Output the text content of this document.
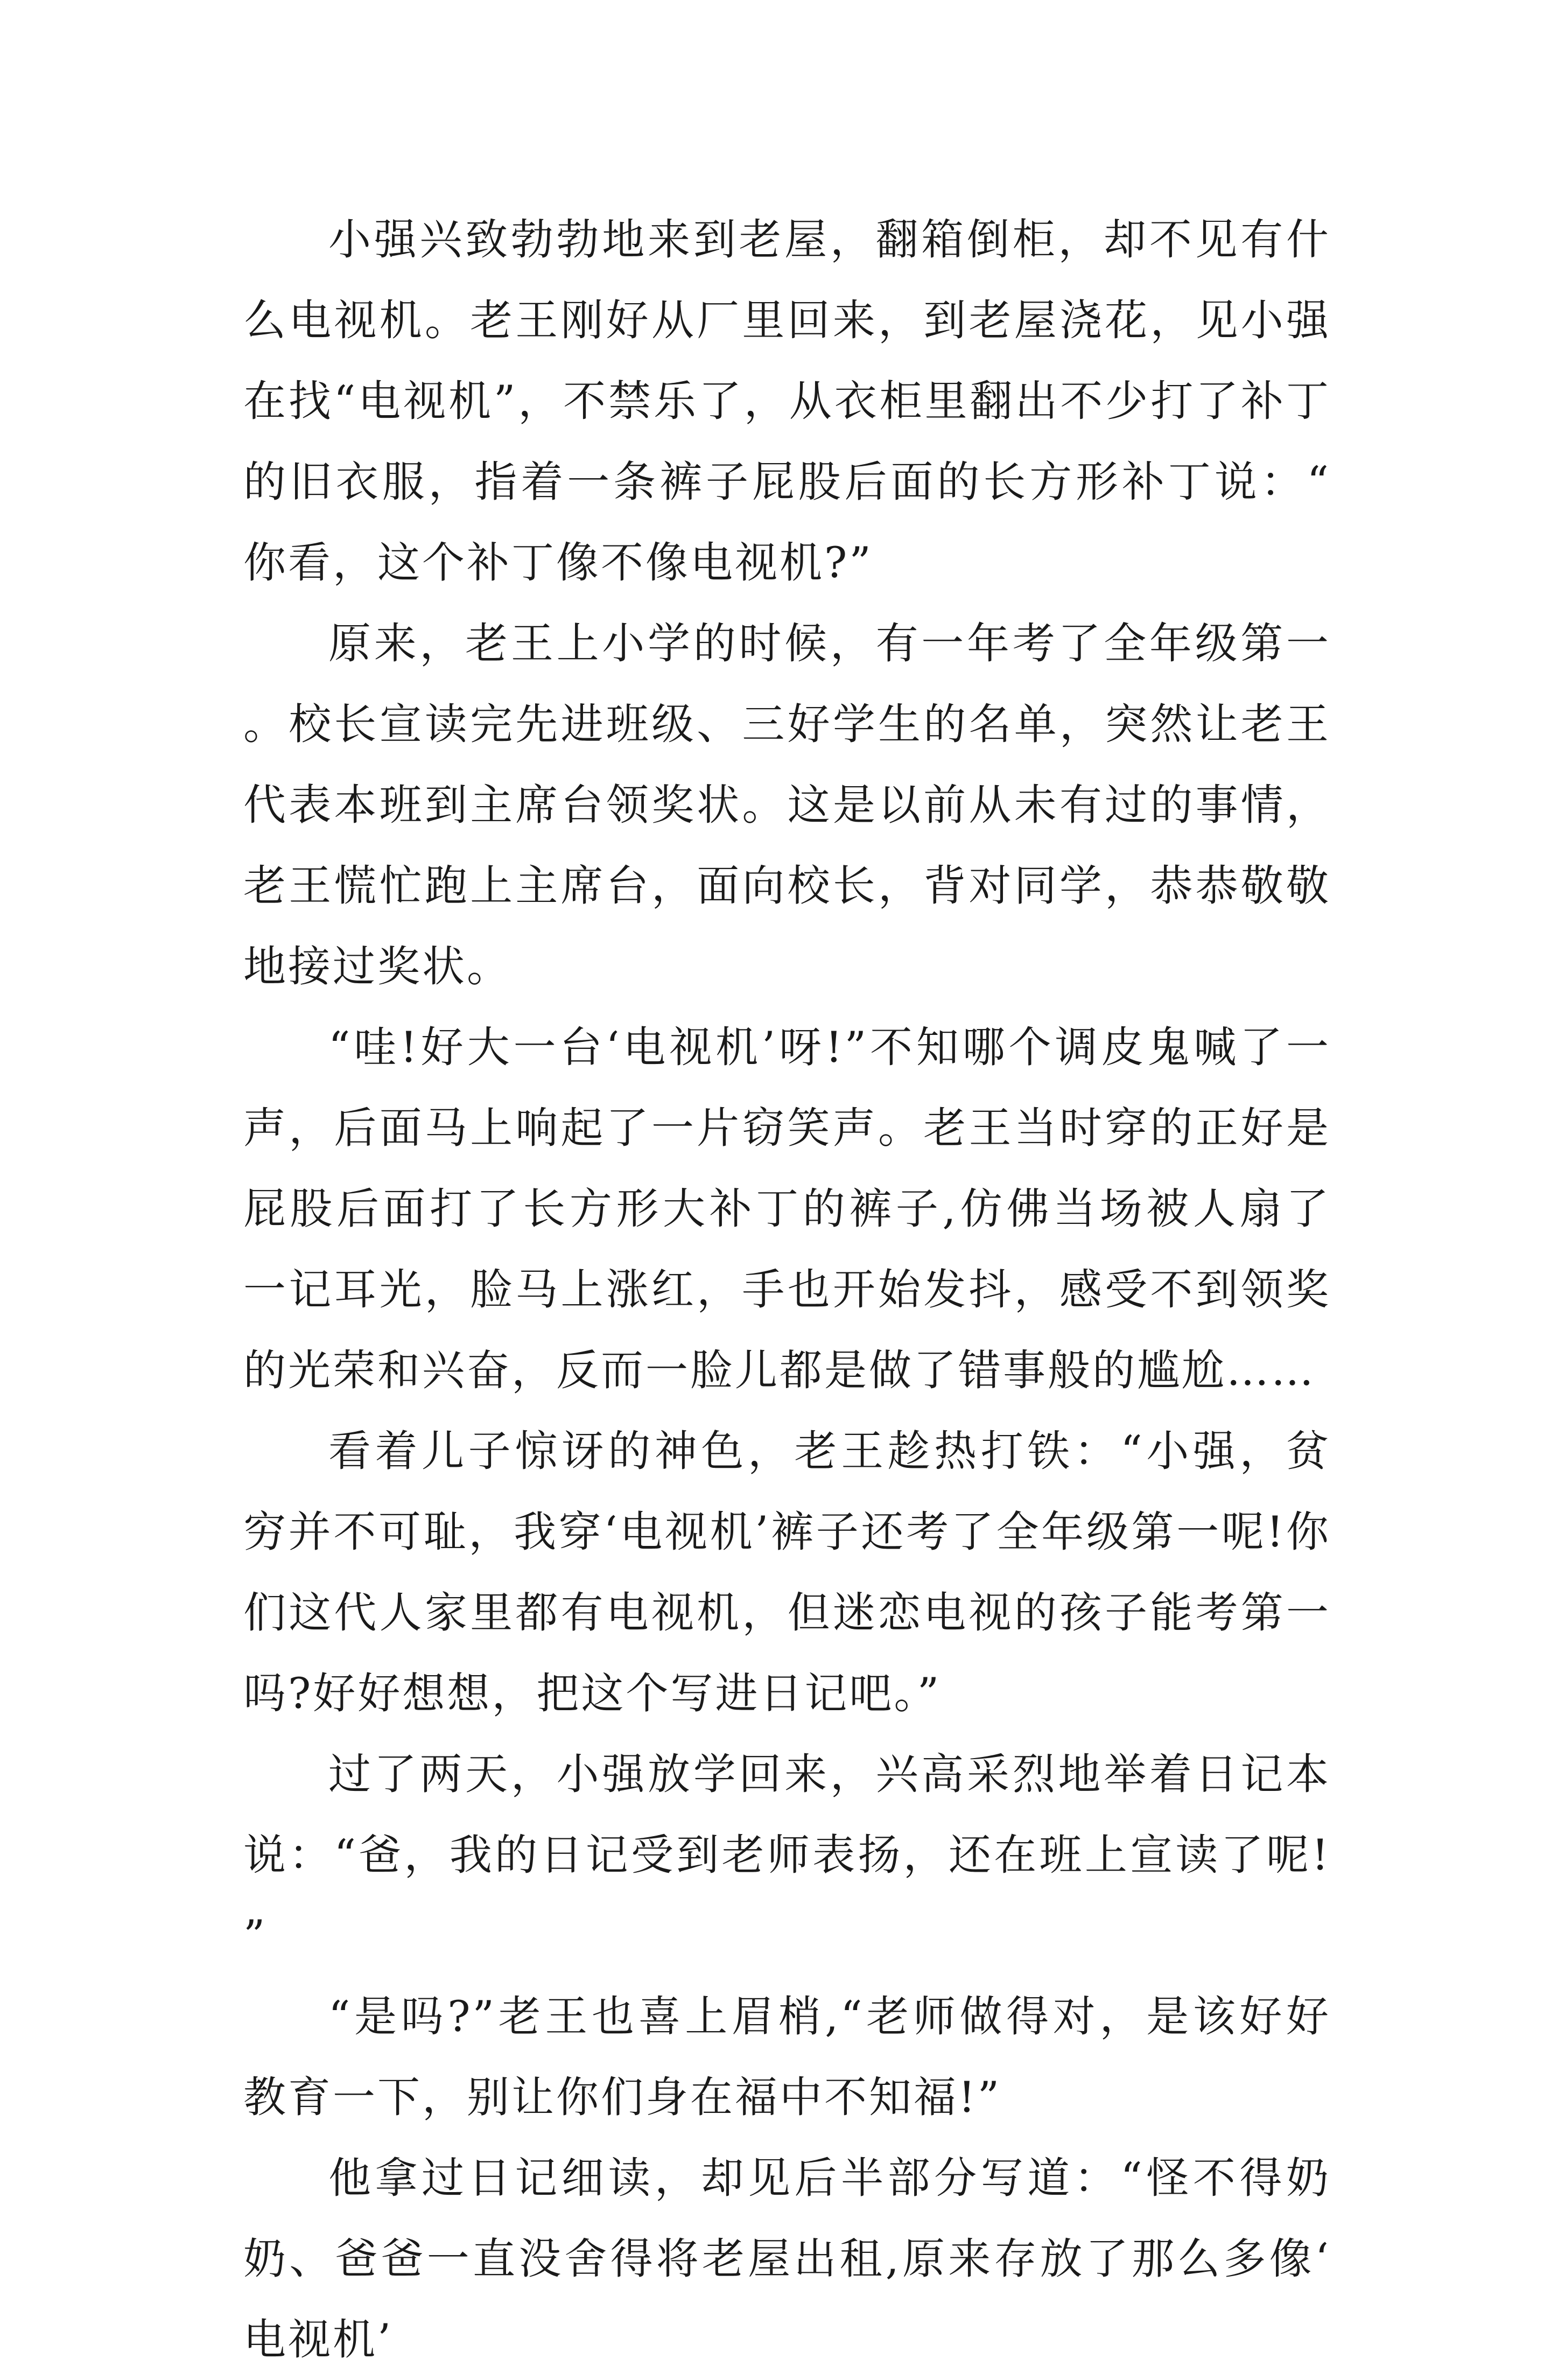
小强兴致勃勃地来到老屋，翻箱倒柜，却不见有什么电视机。老王刚好从厂里回来，到老屋浇花，见小强在找“电视机”，不禁乐了，从衣柜里翻出不少打了补丁的旧衣服，指着一条裤子屁股后面的长方形补丁说：“你看，这个补丁像不像电视机?”

原来，老王上小学的时候，有一年考了全年级第一。校长宣读完先进班级、三好学生的名单，突然让老王代表本班到主席台领奖状。这是以前从未有过的事情，老王慌忙跑上主席台，面向校长，背对同学，恭恭敬敬地接过奖状。

“哇!好大一台‘电视机’呀!”不知哪个调皮鬼喊了一声，后面马上响起了一片窃笑声。老王当时穿的正好是屁股后面打了长方形大补丁的裤子,仿佛当场被人扇了一记耳光，脸马上涨红，手也开始发抖，感受不到领奖的光荣和兴奋，反而一脸儿都是做了错事般的尴尬……

看着儿子惊讶的神色，老王趁热打铁：“小强，贫穷并不可耻，我穿‘电视机’裤子还考了全年级第一呢!你们这代人家里都有电视机，但迷恋电视的孩子能考第一吗?好好想想，把这个写进日记吧。”

过了两天，小强放学回来，兴高采烈地举着日记本说：“爸，我的日记受到老师表扬，还在班上宣读了呢!”

“是吗?”老王也喜上眉梢,“老师做得对，是该好好教育一下，别让你们身在福中不知福!”

他拿过日记细读，却见后半部分写道：“怪不得奶奶、爸爸一直没舍得将老屋出租,原来存放了那么多像‘电视机’
